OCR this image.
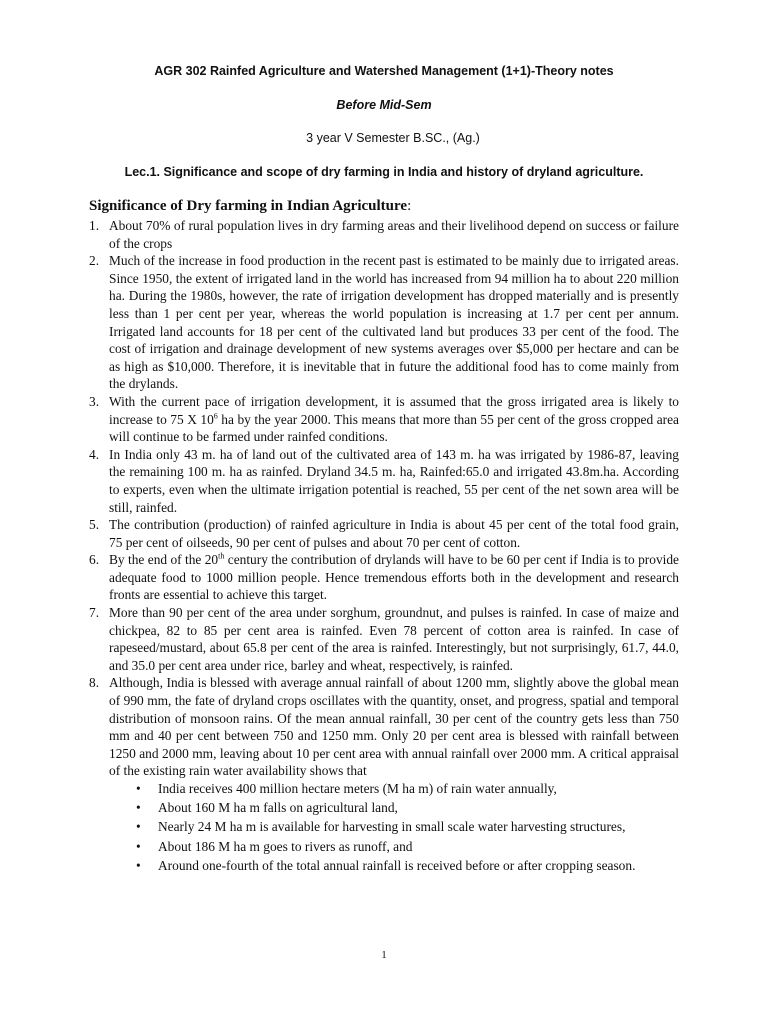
AGR 302 Rainfed Agriculture and Watershed Management (1+1)-Theory notes
Before Mid-Sem
3 year V Semester B.SC., (Ag.)
Lec.1. Significance and scope of dry farming in India and history of dryland agriculture.
Significance of Dry farming in Indian Agriculture:
1. About 70% of rural population lives in dry farming areas and their livelihood depend on success or failure of the crops
2. Much of the increase in food production in the recent past is estimated to be mainly due to irrigated areas. Since 1950, the extent of irrigated land in the world has increased from 94 million ha to about 220 million ha. During the 1980s, however, the rate of irrigation development has dropped materially and is presently less than 1 per cent per year, whereas the world population is increasing at 1.7 per cent per annum. Irrigated land accounts for 18 per cent of the cultivated land but produces 33 per cent of the food. The cost of irrigation and drainage development of new systems averages over $5,000 per hectare and can be as high as $10,000. Therefore, it is inevitable that in future the additional food has to come mainly from the drylands.
3. With the current pace of irrigation development, it is assumed that the gross irrigated area is likely to increase to 75 X $10^6$ ha by the year 2000. This means that more than 55 per cent of the gross cropped area will continue to be farmed under rainfed conditions.
4. In India only 43 m. ha of land out of the cultivated area of 143 m. ha was irrigated by 1986-87, leaving the remaining 100 m. ha as rainfed. Dryland 34.5 m. ha, Rainfed:65.0 and irrigated 43.8m.ha. According to experts, even when the ultimate irrigation potential is reached, 55 per cent of the net sown area will be still, rainfed.
5. The contribution (production) of rainfed agriculture in India is about 45 per cent of the total food grain, 75 per cent of oilseeds, 90 per cent of pulses and about 70 per cent of cotton.
6. By the end of the 20th century the contribution of drylands will have to be 60 per cent if India is to provide adequate food to 1000 million people. Hence tremendous efforts both in the development and research fronts are essential to achieve this target.
7. More than 90 per cent of the area under sorghum, groundnut, and pulses is rainfed. In case of maize and chickpea, 82 to 85 per cent area is rainfed. Even 78 percent of cotton area is rainfed. In case of rapeseed/mustard, about 65.8 per cent of the area is rainfed. Interestingly, but not surprisingly, 61.7, 44.0, and 35.0 per cent area under rice, barley and wheat, respectively, is rainfed.
8. Although, India is blessed with average annual rainfall of about 1200 mm, slightly above the global mean of 990 mm, the fate of dryland crops oscillates with the quantity, onset, and progress, spatial and temporal distribution of monsoon rains. Of the mean annual rainfall, 30 per cent of the country gets less than 750 mm and 40 per cent between 750 and 1250 mm. Only 20 per cent area is blessed with rainfall between 1250 and 2000 mm, leaving about 10 per cent area with annual rainfall over 2000 mm. A critical appraisal of the existing rain water availability shows that
• India receives 400 million hectare meters (M ha m) of rain water annually,
• About 160 M ha m falls on agricultural land,
• Nearly 24 M ha m is available for harvesting in small scale water harvesting structures,
• About 186 M ha m goes to rivers as runoff, and
• Around one-fourth of the total annual rainfall is received before or after cropping season.
1
